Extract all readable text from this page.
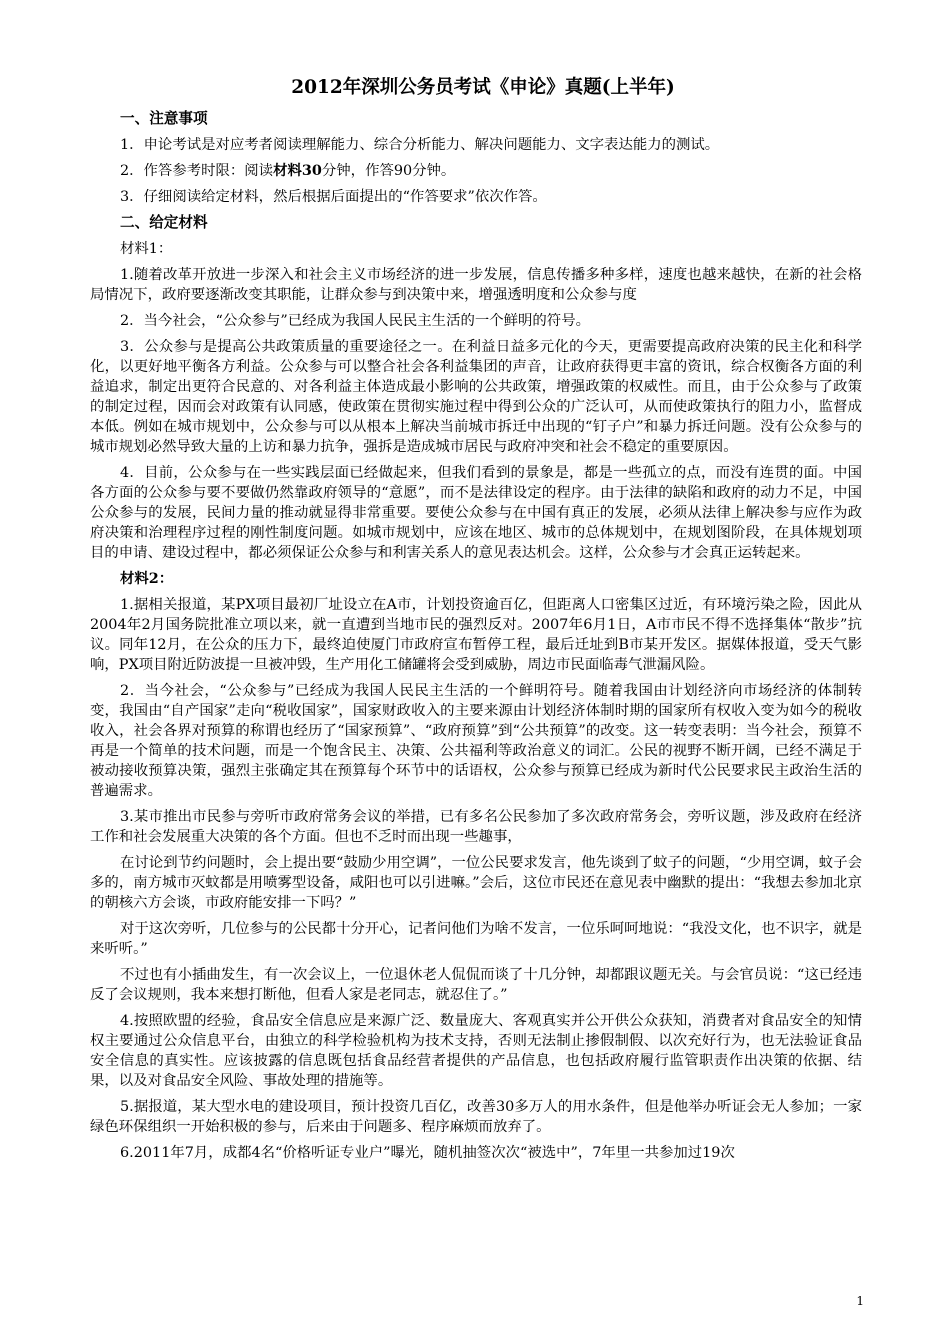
2012年深圳公务员考试《申论》真题(上半年)
一、注意事项
1．申论考试是对应考者阅读理解能力、综合分析能力、解决问题能力、文字表达能力的测试。
2．作答参考时限：阅读材料30分钟，作答90分钟。
3．仔细阅读给定材料，然后根据后面提出的“作答要求”依次作答。
二、给定材料
材料1：

1.随着改革开放进一步深入和社会主义市场经济的进一步发展，信息传播多种多样，速度也越来越快，在新的社会格局情况下，政府要逐渐改变其职能，让群众参与到决策中来，增强透明度和公众参与度

2．当今社会，“公众参与”已经成为我国人民民主生活的一个鲜明的符号。

3．公众参与是提高公共政策质量的重要途径之一。在利益日益多元化的今天，更需要提高政府决策的民主化和科学化，以更好地平衡各方利益。公众参与可以整合社会各利益集团的声音，让政府获得更丰富的资讯，综合权衡各方面的利益追求，制定出更符合民意的、对各利益主体造成最小影响的公共政策，增强政策的权威性。而且，由于公众参与了政策的制定过程，因而会对政策有认同感，使政策在贯彻实施过程中得到公众的广泛认可，从而使政策执行的阻力小，监督成本低。例如在城市规划中，公众参与可以从根本上解决当前城市拆迁中出现的“钉子户”和暴力拆迁问题。没有公众参与的城市规划必然导致大量的上访和暴力抗争，强拆是造成城市居民与政府冲突和社会不稳定的重要原因。

4．目前，公众参与在一些实践层面已经做起来，但我们看到的景象是，都是一些孤立的点，而没有连贯的面。中国各方面的公众参与要不要做仍然靠政府领导的“意愿”，而不是法律设定的程序。由于法律的缺陷和政府的动力不足，中国公众参与的发展，民间力量的推动就显得非常重要。要使公众参与在中国有真正的发展，必须从法律上解决参与应作为政府决策和治理程序过程的刚性制度问题。如城市规划中，应该在地区、城市的总体规划中，在规划图阶段，在具体规划项目的申请、建设过程中，都必须保证公众参与和利害关系人的意见表达机会。这样，公众参与才会真正运转起来。

材料2：

1.据相关报道，某PX项目最初厂址设立在A市，计划投资逾百亿，但距离人口密集区过近，有环境污染之险，因此从2004年2月国务院批准立项以来，就一直遭到当地市民的强烈反对。2007年6月1日，A市市民不得不选择集体“散步”抗议。同年12月，在公众的压力下，最终迫使厦门市政府宣布暂停工程，最后迁址到B市某开发区。据媒体报道，受天气影响，PX项目附近防波提一旦被冲毁，生产用化工储罐将会受到威胁，周边市民面临毒气泄漏风险。

2．当今社会，“公众参与”已经成为我国人民民主生活的一个鲜明符号。随着我国由计划经济向市场经济的体制转变，我国由“自产国家”走向“税收国家”，国家财政收入的主要来源由计划经济体制时期的国家所有权收入变为如今的税收收入，社会各界对预算的称谓也经历了“国家预算”、“政府预算”到“公共预算”的改变。这一转变表明：当今社会，预算不再是一个简单的技术问题，而是一个饱含民主、决策、公共福利等政治意义的词汇。公民的视野不断开阔，已经不满足于被动接收预算决策，强烈主张确定其在预算每个环节中的话语权，公众参与预算已经成为新时代公民要求民主政治生活的普遍需求。

3.某市推出市民参与旁听市政府常务会议的举措，已有多名公民参加了多次政府常务会，旁听议题，涉及政府在经济工作和社会发展重大决策的各个方面。但也不乏时而出现一些趣事，

在讨论到节约问题时，会上提出要“鼓励少用空调”，一位公民要求发言，他先谈到了蚊子的问题，“少用空调，蚊子会多的，南方城市灭蚊都是用喷雾型设备，咸阳也可以引进嘛。”会后，这位市民还在意见表中幽默的提出：“我想去参加北京的朝核六方会谈，市政府能安排一下吗？”

对于这次旁听，几位参与的公民都十分开心，记者问他们为啥不发言，一位乐呵呵地说：“我没文化，也不识字，就是来听听。”

不过也有小插曲发生，有一次会议上，一位退休老人侃侃而谈了十几分钟，却都跟议题无关。与会官员说：“这已经违反了会议规则，我本来想打断他，但看人家是老同志，就忍住了。”

4.按照欧盟的经验，食品安全信息应是来源广泛、数量庞大、客观真实并公开供公众获知，消费者对食品安全的知情权主要通过公众信息平台，由独立的科学检验机构为技术支持，否则无法制止掺假制假、以次充好行为，也无法验证食品安全信息的真实性。应该披露的信息既包括食品经营者提供的产品信息，也包括政府履行监管职责作出决策的依据、结果，以及对食品安全风险、事故处理的措施等。

5.据报道，某大型水电的建设项目，预计投资几百亿，改善30多万人的用水条件，但是他举办听证会无人参加；一家绿色环保组织一开始积极的参与，后来由于问题多、程序麻烦而放弃了。

6.2011年7月，成都4名“价格听证专业户”曝光，随机抽签次次“被选中”，7年里一共参加过19次

1
